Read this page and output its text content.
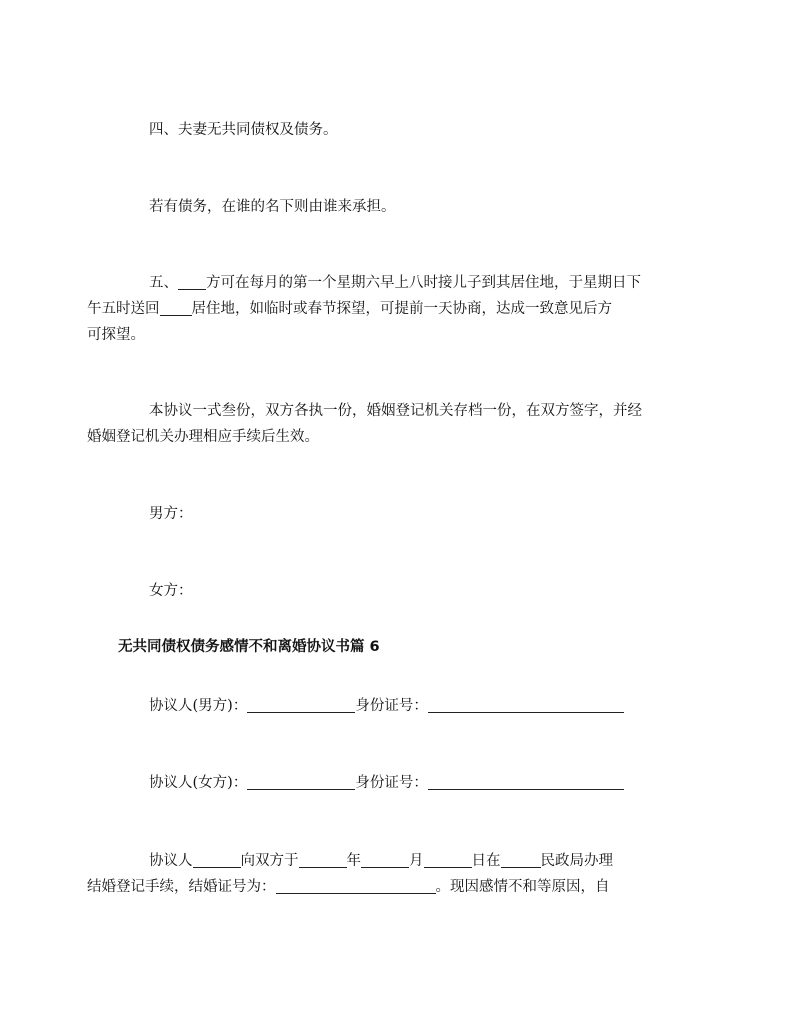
四、夫妻无共同债权及债务。

若有债务，在谁的名下则由谁来承担。

五、 方可在每月的第一个星期六早上八时接儿子到其居住地，于星期日下
午五时送回 居住地，如临时或春节探望，可提前一天协商，达成一致意见后方
可探望。
本协议一式叁份，双方各执一份，婚姻登记机关存档一份，在双方签字，并经
婚姻登记机关办理相应手续后生效。

男方：

女方：

无共同债权债务感情不和离婚协议书篇 6

协议人(男方)：	身份证号：
协议人(女方)：	身份证号：
协议人	向双方于	年	月	日在	民政局办理
结婚登记手续，结婚证号为：	。现因感情不和等原因，自
